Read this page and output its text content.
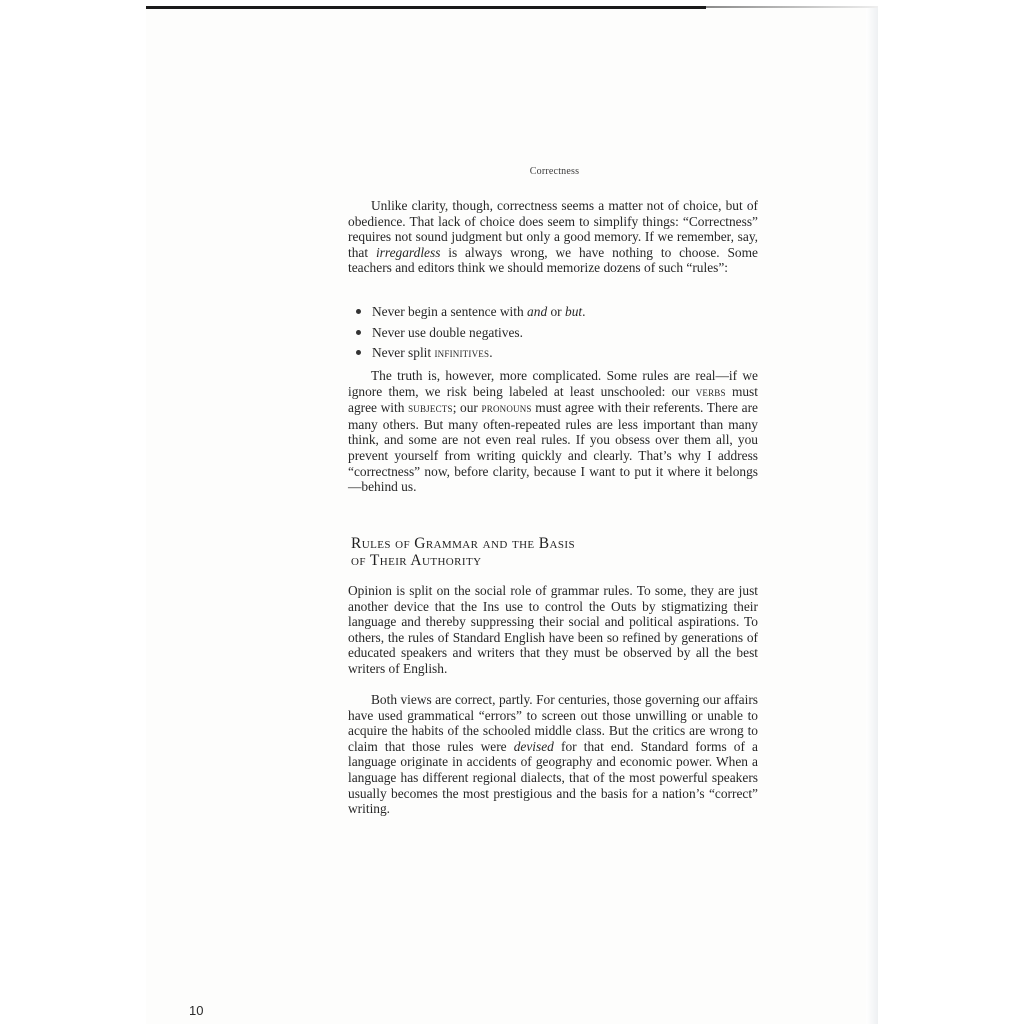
Correctness

Unlike clarity, though, correctness seems a matter not of choice, but of obedience. That lack of choice does seem to simplify things: “Correctness” requires not sound judgment but only a good memory. If we remember, say, that irregardless is always wrong, we have nothing to choose. Some teachers and editors think we should memorize dozens of such “rules”:

Never begin a sentence with and or but.
Never use double negatives.
Never split infinitives.

The truth is, however, more complicated. Some rules are real—if we ignore them, we risk being labeled at least unschooled: our verbs must agree with subjects; our pronouns must agree with their referents. There are many others. But many often-repeated rules are less important than many think, and some are not even real rules. If you obsess over them all, you prevent yourself from writing quickly and clearly. That’s why I address “correctness” now, before clarity, because I want to put it where it belongs—behind us.

Rules of Grammar and the Basis
of Their Authority

Opinion is split on the social role of grammar rules. To some, they are just another device that the Ins use to control the Outs by stigmatizing their language and thereby suppressing their social and political aspirations. To others, the rules of Standard English have been so refined by generations of educated speakers and writers that they must be observed by all the best writers of English.

Both views are correct, partly. For centuries, those governing our affairs have used grammatical “errors” to screen out those unwilling or unable to acquire the habits of the schooled middle class. But the critics are wrong to claim that those rules were devised for that end. Standard forms of a language originate in accidents of geography and economic power. When a language has different regional dialects, that of the most powerful speakers usually becomes the most prestigious and the basis for a nation’s “correct” writing.

10
